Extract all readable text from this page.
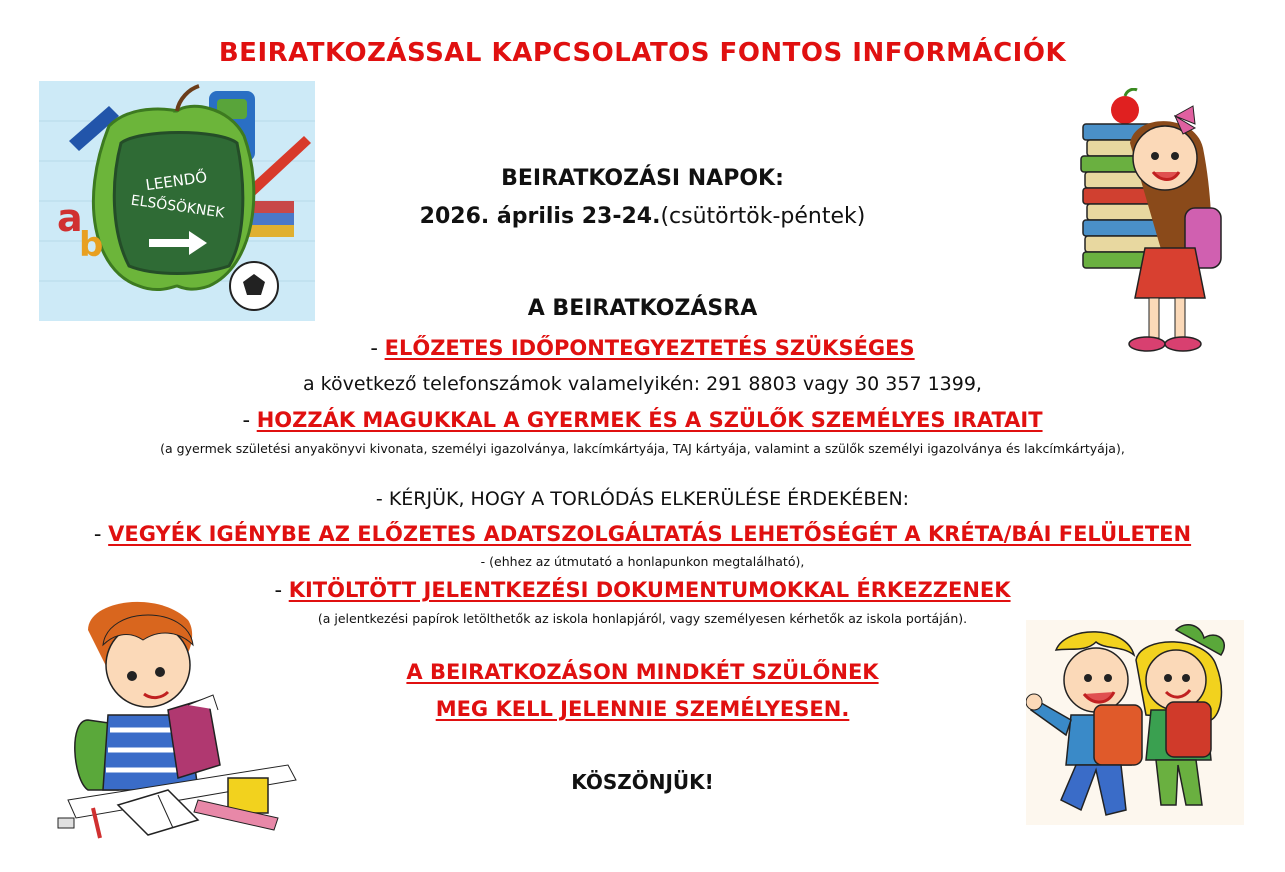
BEIRATKOZÁSSAL KAPCSOLATOS FONTOS INFORMÁCIÓK
LEENDŐ
ELSŐSÖKNEK
a
b
BEIRATKOZÁSI NAPOK:
2026. április 23-24.(csütörtök-péntek)
A BEIRATKOZÁSRA
- ELŐZETES IDŐPONTEGYEZTETÉS SZÜKSÉGES
a következő telefonszámok valamelyikén: 291 8803 vagy 30 357 1399,
- HOZZÁK MAGUKKAL A GYERMEK ÉS A SZÜLŐK SZEMÉLYES IRATAIT
(a gyermek születési anyakönyvi kivonata, személyi igazolványa, lakcímkártyája, TAJ kártyája, valamint a szülők személyi igazolványa és lakcímkártyája),
- KÉRJÜK, HOGY A TORLÓDÁS ELKERÜLÉSE ÉRDEKÉBEN:
- VEGYÉK IGÉNYBE AZ ELŐZETES ADATSZOLGÁLTATÁS LEHETŐSÉGÉT A KRÉTA/BÁI FELÜLETEN
- (ehhez az útmutató a honlapunkon megtalálható),
- KITÖLTÖTT JELENTKEZÉSI DOKUMENTUMOKKAL ÉRKEZZENEK
(a jelentkezési papírok letölthetők az iskola honlapjáról, vagy személyesen kérhetők az iskola portáján).
A BEIRATKOZÁSON MINDKÉT SZÜLŐNEK
MEG KELL JELENNIE SZEMÉLYESEN.
KÖSZÖNJÜK!
